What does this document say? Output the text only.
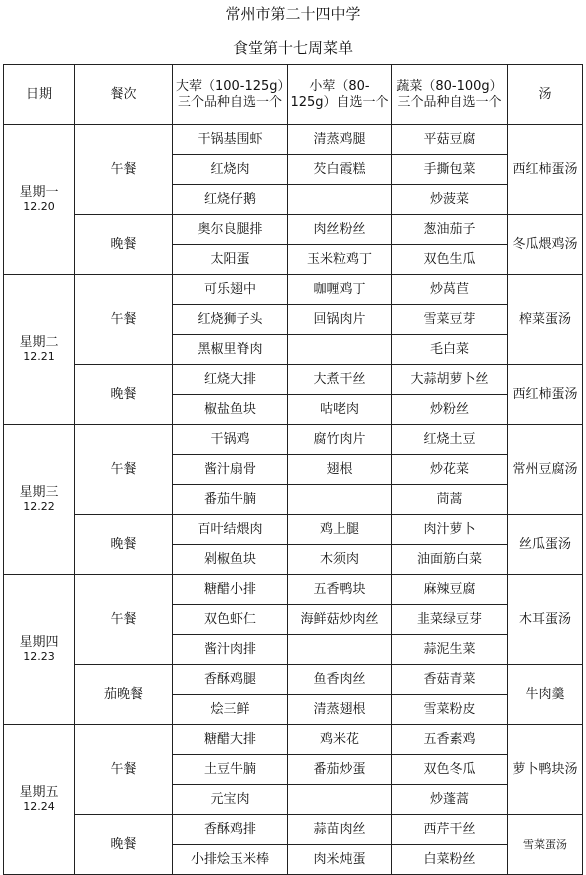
常州市第二十四中学
食堂第十七周菜单
日期	餐次	大荤（100-125g）三个品种自选一个	小荤（80-125g）自选一个	蔬菜（80-100g）三个品种自选一个	汤

星期一
12.20	午餐	干锅基围虾	清蒸鸡腿	平菇豆腐	西红柿蛋汤
		红烧肉	芡白霞糕	手撕包菜	
		红烧仔鹅		炒菠菜	
	晚餐	奥尔良腿排	肉丝粉丝	葱油茄子	冬瓜煨鸡汤
		太阳蛋	玉米粒鸡丁	双色生瓜	

星期二
12.21	午餐	可乐翅中	咖喱鸡丁	炒莴苣	榨菜蛋汤
		红烧狮子头	回锅肉片	雪菜豆芽	
		黑椒里脊肉		毛白菜	
	晚餐	红烧大排	大煮干丝	大蒜胡萝卜丝	西红柿蛋汤
		椒盐鱼块	咕咾肉	炒粉丝	

星期三
12.22	午餐	干锅鸡	腐竹肉片	红烧土豆	常州豆腐汤
		酱汁扇骨	翅根	炒花菜	
		番茄牛腩		茼蒿	
	晚餐	百叶结煨肉	鸡上腿	肉汁萝卜	丝瓜蛋汤
		剁椒鱼块	木须肉	油面筋白菜	

星期四
12.23	午餐	糖醋小排	五香鸭块	麻辣豆腐	木耳蛋汤
		双色虾仁	海鲜菇炒肉丝	韭菜绿豆芽	
		酱汁肉排		蒜泥生菜	
	茄晚餐	香酥鸡腿	鱼香肉丝	香菇青菜	牛肉羹
		烩三鲜	清蒸翅根	雪菜粉皮	

星期五
12.24	午餐	糖醋大排	鸡米花	五香素鸡	萝卜鸭块汤
		土豆牛腩	番茄炒蛋	双色冬瓜	
		元宝肉		炒蓬蒿	
	晚餐	香酥鸡排	蒜苗肉丝	西芹干丝	雪菜蛋汤
		小排烩玉米棒	肉米炖蛋	白菜粉丝	
